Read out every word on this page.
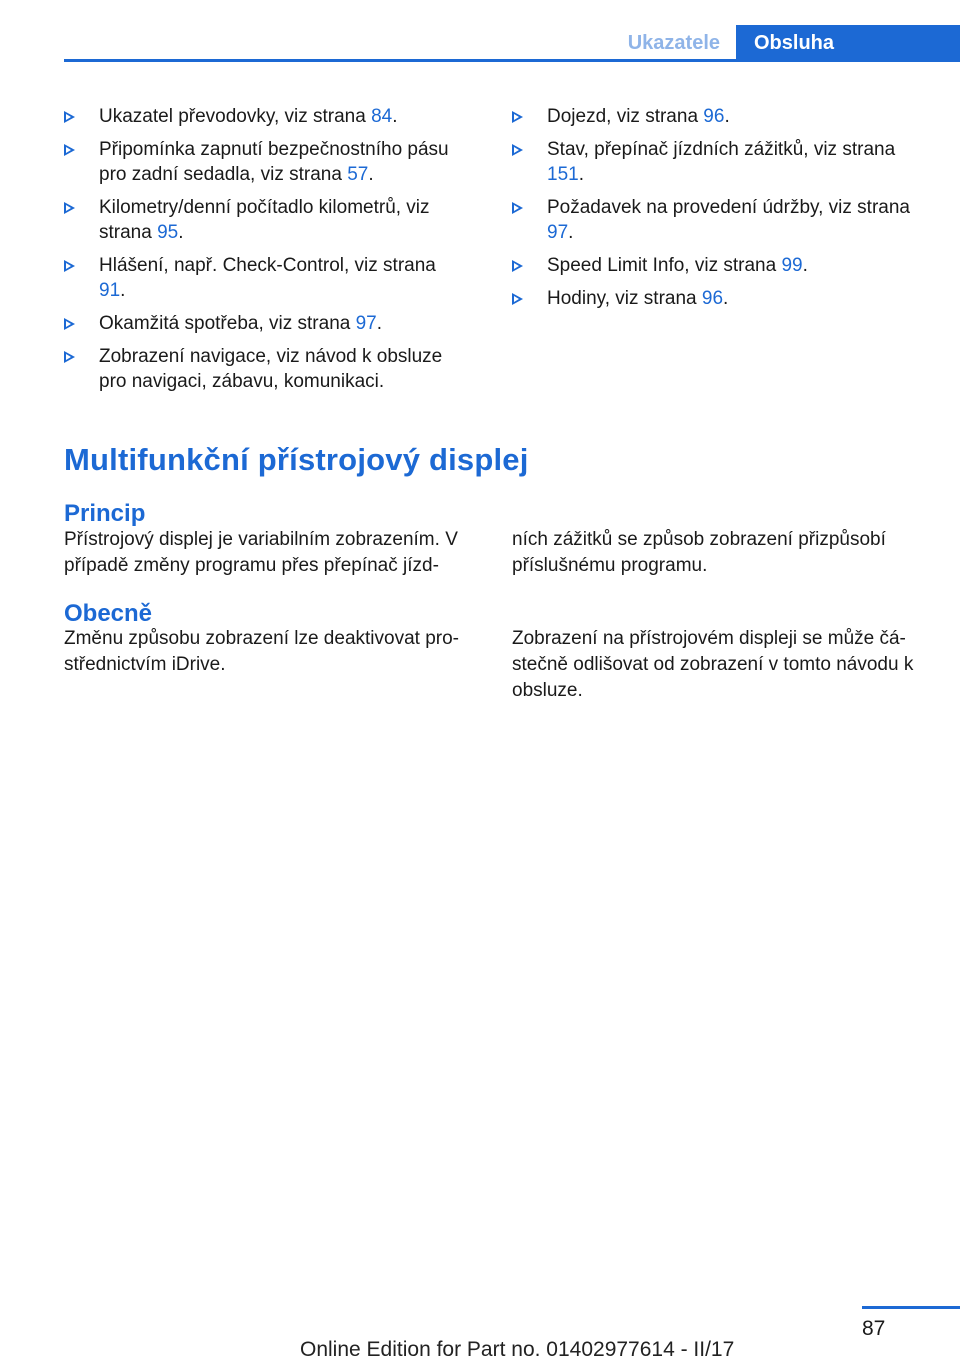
Ukazatele	Obsluha
Ukazatel převodovky, viz strana 84.
Připomínka zapnutí bezpečnostního pásu pro zadní sedadla, viz strana 57.
Kilometry/denní počítadlo kilometrů, viz strana 95.
Hlášení, např. Check-Control, viz strana 91.
Okamžitá spotřeba, viz strana 97.
Zobrazení navigace, viz návod k obsluze pro navigaci, zábavu, komunikaci.
Dojezd, viz strana 96.
Stav, přepínač jízdních zážitků, viz strana 151.
Požadavek na provedení údržby, viz strana 97.
Speed Limit Info, viz strana 99.
Hodiny, viz strana 96.
Multifunkční přístrojový displej
Princip

Přístrojový displej je variabilním zobrazením. V případě změny programu přes přepínač jízd‐

ních zážitků se způsob zobrazení přizpůsobí příslušnému programu.

Obecně

Změnu způsobu zobrazení lze deaktivovat pro‐střednictvím iDrive.

Zobrazení na přístrojovém displeji se může čá‐stečně odlišovat od zobrazení v tomto návodu k obsluze.

87
Online Edition for Part no. 01402977614 - II/17
